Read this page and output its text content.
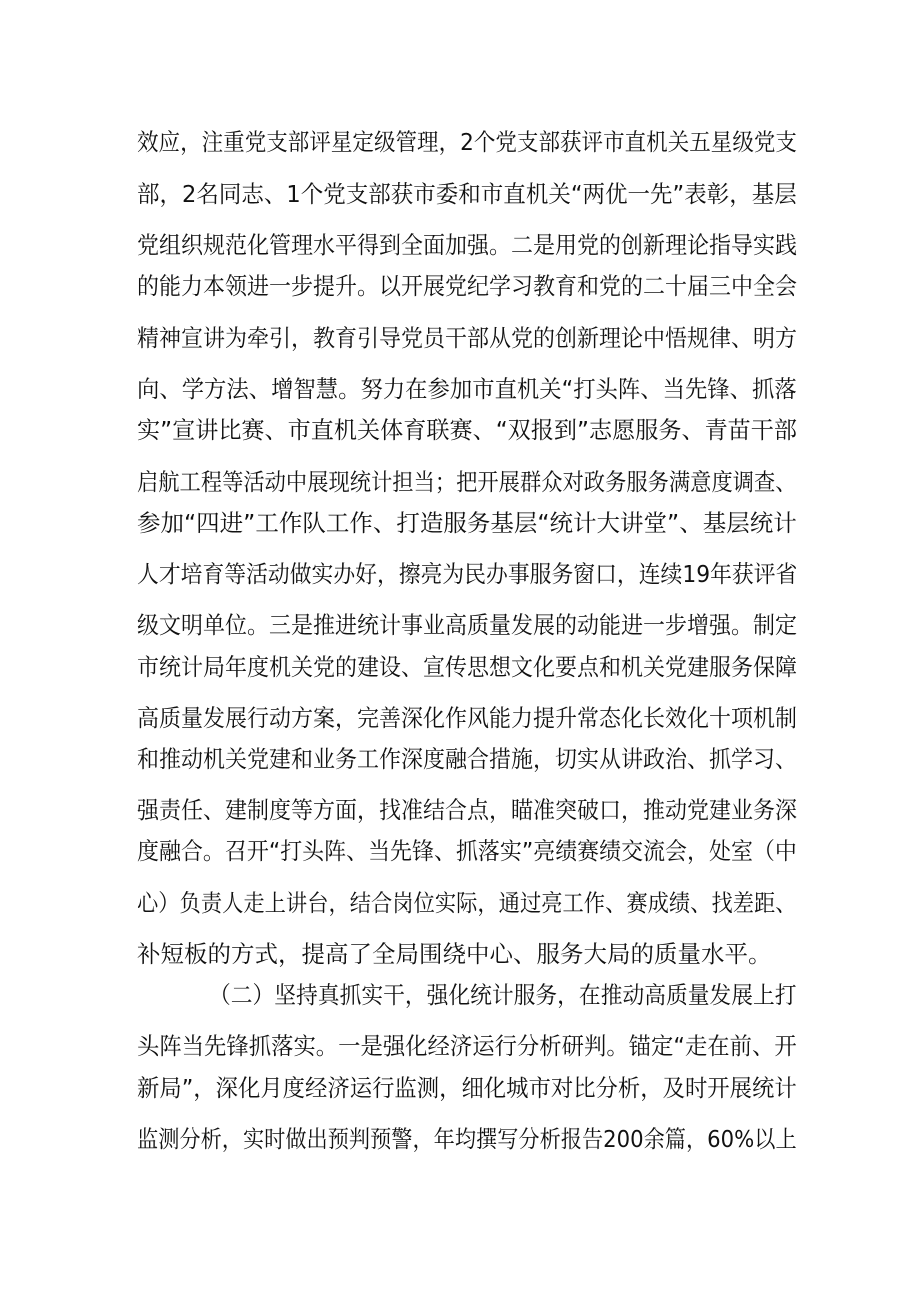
效应，注重党支部评星定级管理，2个党支部获评市直机关五星级党支
部，2名同志、1个党支部获市委和市直机关“两优一先”表彰，基层
党组织规范化管理水平得到全面加强。二是用党的创新理论指导实践
的能力本领进一步提升。以开展党纪学习教育和党的二十届三中全会
精神宣讲为牵引，教育引导党员干部从党的创新理论中悟规律、明方
向、学方法、增智慧。努力在参加市直机关“打头阵、当先锋、抓落
实”宣讲比赛、市直机关体育联赛、“双报到”志愿服务、青苗干部
启航工程等活动中展现统计担当；把开展群众对政务服务满意度调查、
参加“四进”工作队工作、打造服务基层“统计大讲堂”、基层统计
人才培育等活动做实办好，擦亮为民办事服务窗口，连续19年获评省
级文明单位。三是推进统计事业高质量发展的动能进一步增强。制定
市统计局年度机关党的建设、宣传思想文化要点和机关党建服务保障
高质量发展行动方案，完善深化作风能力提升常态化长效化十项机制
和推动机关党建和业务工作深度融合措施，切实从讲政治、抓学习、
强责任、建制度等方面，找准结合点，瞄准突破口，推动党建业务深
度融合。召开“打头阵、当先锋、抓落实”亮绩赛绩交流会，处室（中
心）负责人走上讲台，结合岗位实际，通过亮工作、赛成绩、找差距、
补短板的方式，提高了全局围绕中心、服务大局的质量水平。
（二）坚持真抓实干，强化统计服务，在推动高质量发展上打
头阵当先锋抓落实。一是强化经济运行分析研判。锚定“走在前、开
新局”，深化月度经济运行监测，细化城市对比分析，及时开展统计
监测分析，实时做出预判预警，年均撰写分析报告200余篇，60%以上
